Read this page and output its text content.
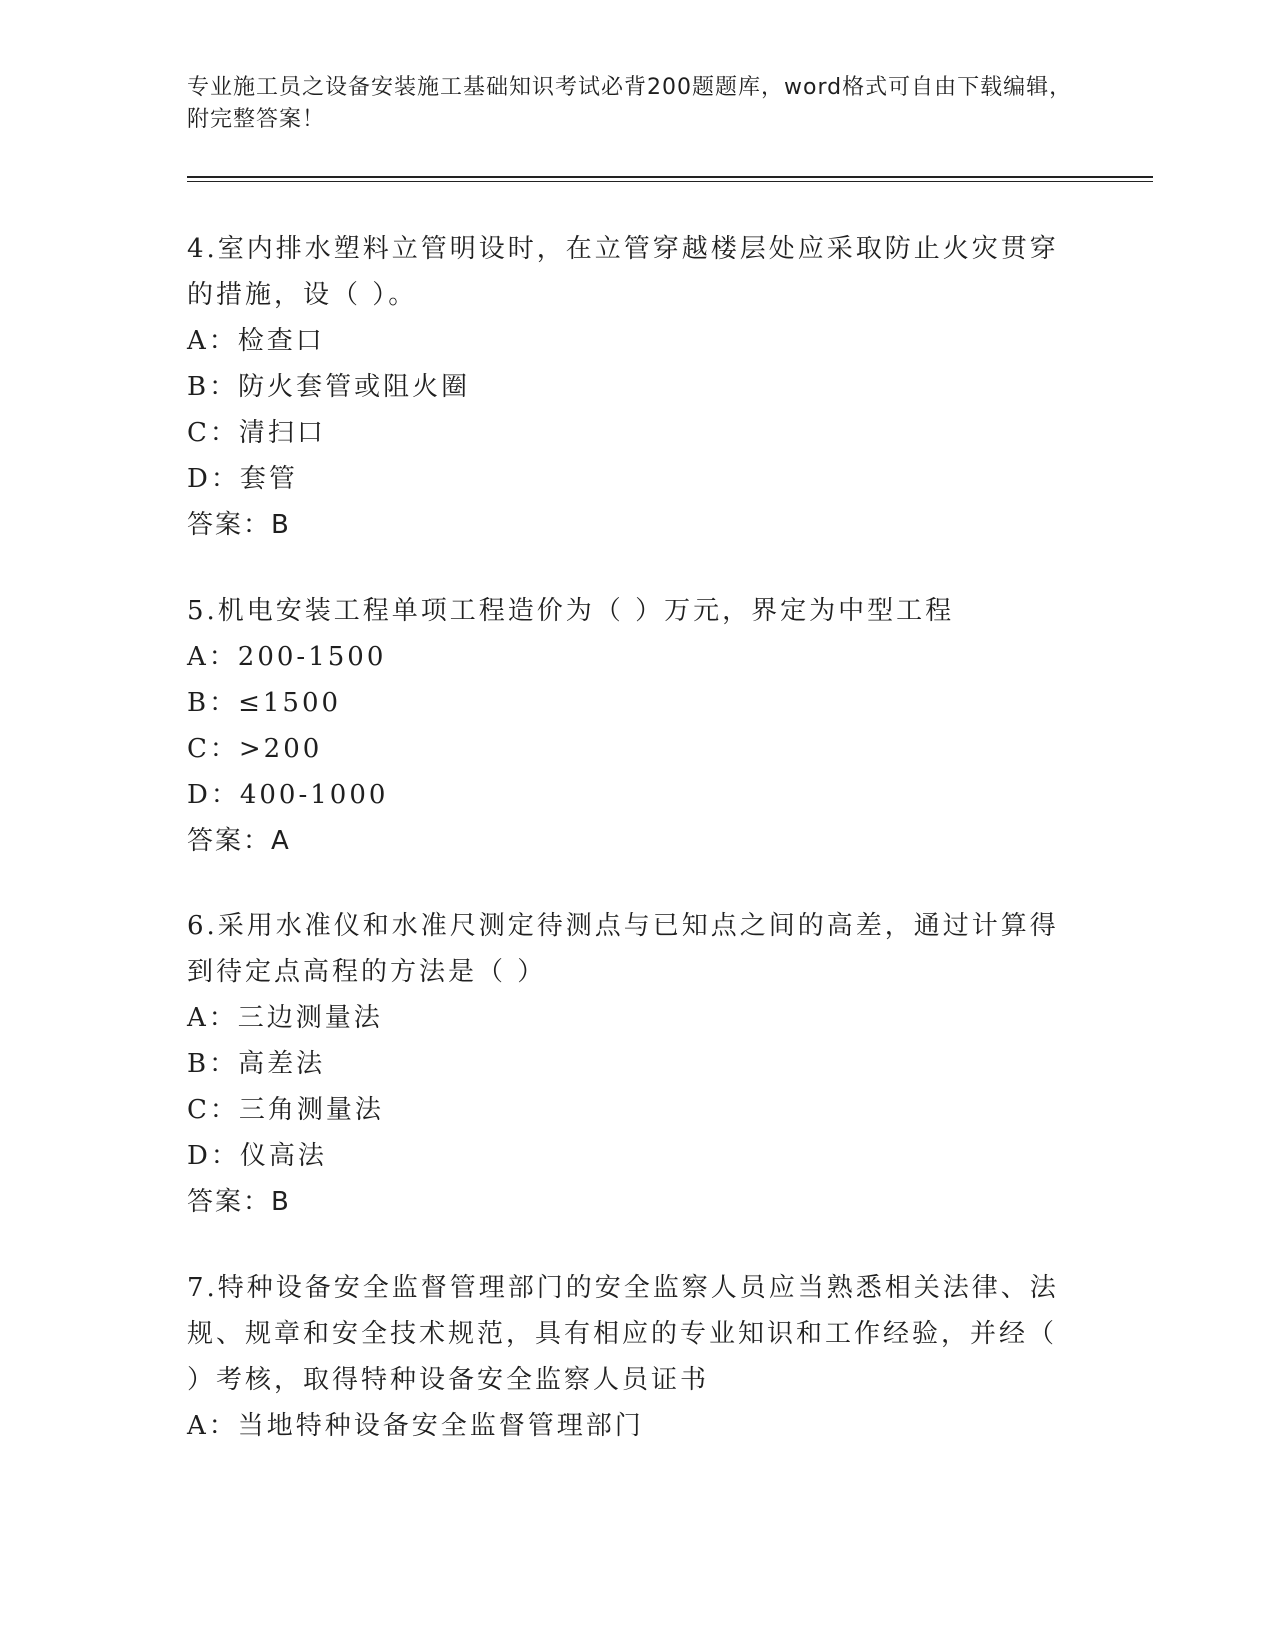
专业施工员之设备安装施工基础知识考试必背200题题库，word格式可自由下载编辑，附完整答案！

4.室内排水塑料立管明设时，在立管穿越楼层处应采取防止火灾贯穿的措施，设（ ）。

A：检查口

B：防火套管或阻火圈

C：清扫口

D：套管

答案：B

5.机电安装工程单项工程造价为（ ）万元，界定为中型工程

A：200-1500

B：≤1500

C：>200

D：400-1000

答案：A

6.采用水准仪和水准尺测定待测点与已知点之间的高差，通过计算得到待定点高程的方法是（ ）

A：三边测量法

B：高差法

C：三角测量法

D：仪高法

答案：B

7.特种设备安全监督管理部门的安全监察人员应当熟悉相关法律、法规、规章和安全技术规范，具有相应的专业知识和工作经验，并经（ ）考核，取得特种设备安全监察人员证书

A：当地特种设备安全监督管理部门
